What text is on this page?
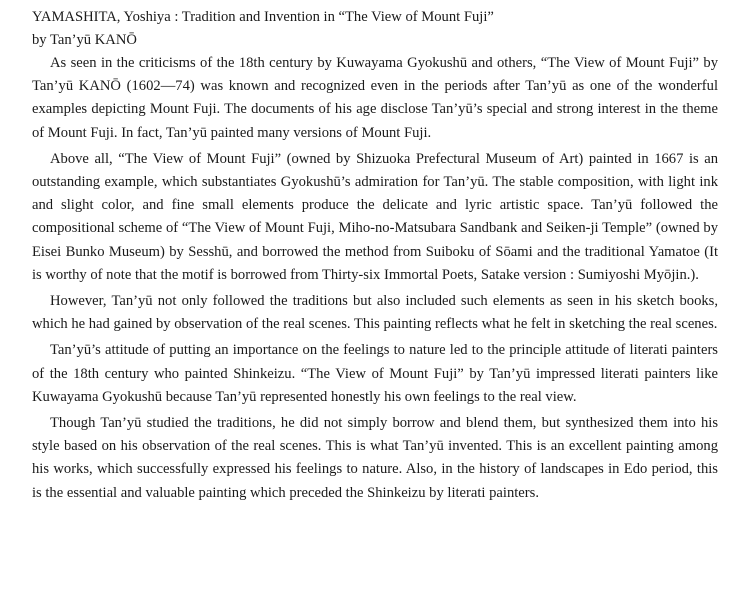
YAMASHITA, Yoshiya : Tradition and Invention in “The View of Mount Fuji”

by Tan’yū KANŌ

As seen in the criticisms of the 18th century by Kuwayama Gyokushū and others, “The View of Mount Fuji” by Tan’yū KANŌ (1602—74) was known and recognized even in the periods after Tan’yū as one of the wonderful examples depicting Mount Fuji. The documents of his age disclose Tan’yū’s special and strong interest in the theme of Mount Fuji. In fact, Tan’yū painted many versions of Mount Fuji.

Above all, “The View of Mount Fuji” (owned by Shizuoka Prefectural Museum of Art) painted in 1667 is an outstanding example, which substantiates Gyokushū’s admiration for Tan’yū. The stable composition, with light ink and slight color, and fine small elements produce the delicate and lyric artistic space. Tan’yū followed the compositional scheme of “The View of Mount Fuji, Miho-no-Matsubara Sandbank and Seiken-ji Temple” (owned by Eisei Bunko Museum) by Sesshū, and borrowed the method from Suiboku of Sōami and the traditional Yamatoe (It is worthy of note that the motif is borrowed from Thirty-six Immortal Poets, Satake version : Sumiyoshi Myōjin.).

However, Tan’yū not only followed the traditions but also included such elements as seen in his sketch books, which he had gained by observation of the real scenes. This painting reflects what he felt in sketching the real scenes.

Tan’yū’s attitude of putting an importance on the feelings to nature led to the principle attitude of literati painters of the 18th century who painted Shinkeizu. “The View of Mount Fuji” by Tan’yū impressed literati painters like Kuwayama Gyokushū because Tan’yū represented honestly his own feelings to the real view.

Though Tan’yū studied the traditions, he did not simply borrow and blend them, but synthesized them into his style based on his observation of the real scenes. This is what Tan’yū invented. This is an excellent painting among his works, which successfully expressed his feelings to nature. Also, in the history of landscapes in Edo period, this is the essential and valuable painting which preceded the Shinkeizu by literati painters.
